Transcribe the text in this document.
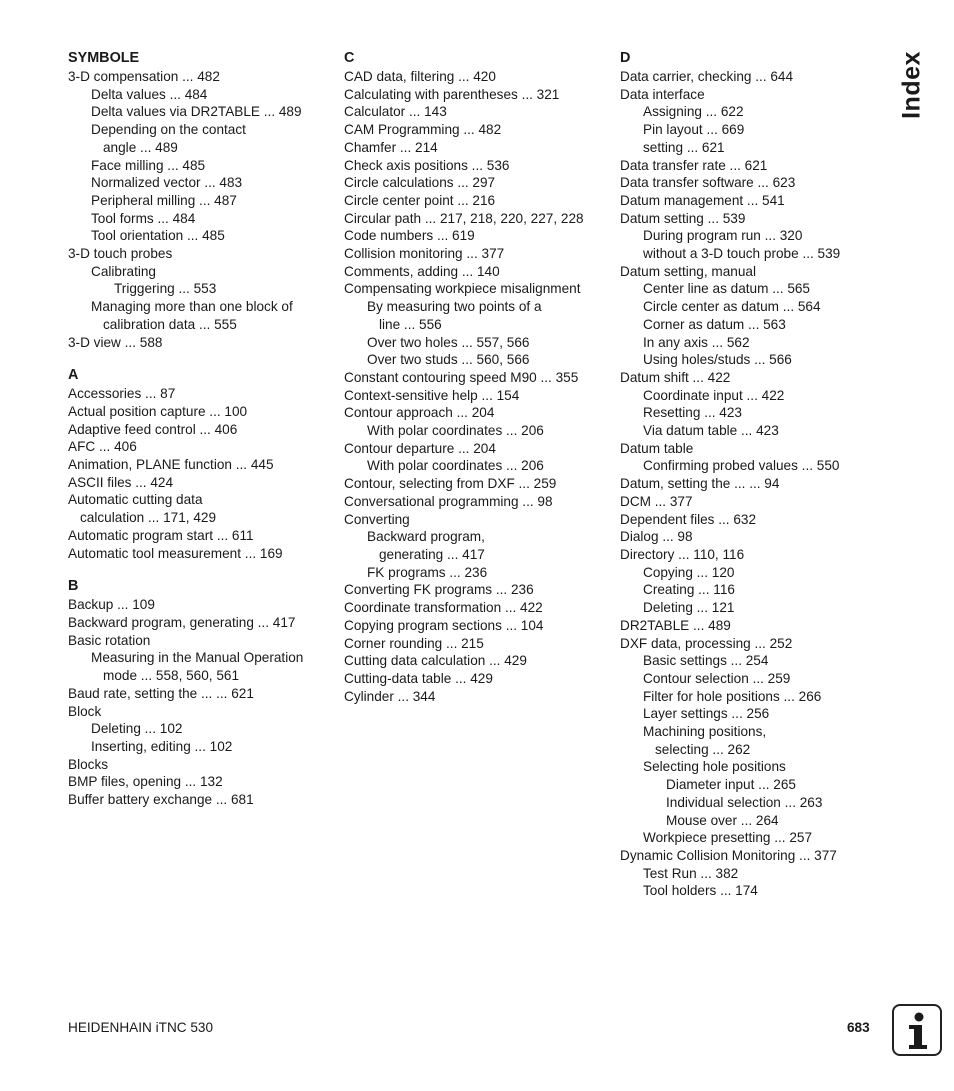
SYMBOLE
3-D compensation ... 482
Delta values ... 484
Delta values via DR2TABLE ... 489
Depending on the contact
angle ... 489
Face milling ... 485
Normalized vector ... 483
Peripheral milling ... 487
Tool forms ... 484
Tool orientation ... 485
3-D touch probes
Calibrating
Triggering ... 553
Managing more than one block of
calibration data ... 555
3-D view ... 588
A
Accessories ... 87
Actual position capture ... 100
Adaptive feed control ... 406
AFC ... 406
Animation, PLANE function ... 445
ASCII files ... 424
Automatic cutting data
calculation ... 171, 429
Automatic program start ... 611
Automatic tool measurement ... 169
B
Backup ... 109
Backward program, generating ... 417
Basic rotation
Measuring in the Manual Operation
mode ... 558, 560, 561
Baud rate, setting the ... ... 621
Block
Deleting ... 102
Inserting, editing ... 102
Blocks
BMP files, opening ... 132
Buffer battery exchange ... 681
C
CAD data, filtering ... 420
Calculating with parentheses ... 321
Calculator ... 143
CAM Programming ... 482
Chamfer ... 214
Check axis positions ... 536
Circle calculations ... 297
Circle center point ... 216
Circular path ... 217, 218, 220, 227, 228
Code numbers ... 619
Collision monitoring ... 377
Comments, adding ... 140
Compensating workpiece misalignment
By measuring two points of a
line ... 556
Over two holes ... 557, 566
Over two studs ... 560, 566
Constant contouring speed M90 ... 355
Context-sensitive help ... 154
Contour approach ... 204
With polar coordinates ... 206
Contour departure ... 204
With polar coordinates ... 206
Contour, selecting from DXF ... 259
Conversational programming ... 98
Converting
Backward program,
generating ... 417
FK programs ... 236
Converting FK programs ... 236
Coordinate transformation ... 422
Copying program sections ... 104
Corner rounding ... 215
Cutting data calculation ... 429
Cutting-data table ... 429
Cylinder ... 344
D
Data carrier, checking ... 644
Data interface
Assigning ... 622
Pin layout ... 669
setting ... 621
Data transfer rate ... 621
Data transfer software ... 623
Datum management ... 541
Datum setting ... 539
During program run ... 320
without a 3-D touch probe ... 539
Datum setting, manual
Center line as datum ... 565
Circle center as datum ... 564
Corner as datum ... 563
In any axis ... 562
Using holes/studs ... 566
Datum shift ... 422
Coordinate input ... 422
Resetting ... 423
Via datum table ... 423
Datum table
Confirming probed values ... 550
Datum, setting the ... ... 94
DCM ... 377
Dependent files ... 632
Dialog ... 98
Directory ... 110, 116
Copying ... 120
Creating ... 116
Deleting ... 121
DR2TABLE ... 489
DXF data, processing ... 252
Basic settings ... 254
Contour selection ... 259
Filter for hole positions ... 266
Layer settings ... 256
Machining positions,
selecting ... 262
Selecting hole positions
Diameter input ... 265
Individual selection ... 263
Mouse over ... 264
Workpiece presetting ... 257
Dynamic Collision Monitoring ... 377
Test Run ... 382
Tool holders ... 174
Index
HEIDENHAIN iTNC 530	683
